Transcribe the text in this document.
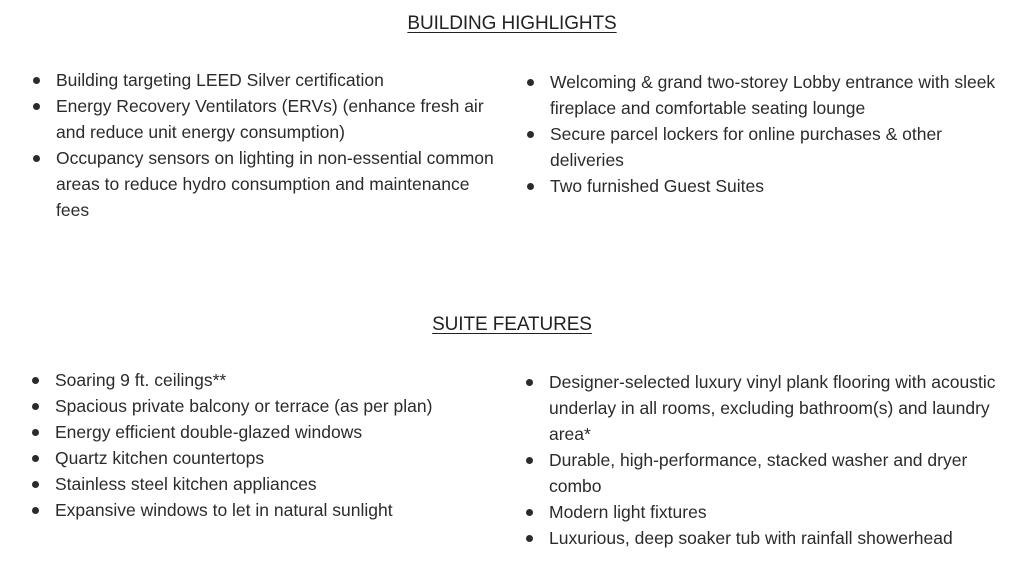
BUILDING HIGHLIGHTS
Building targeting LEED Silver certification
Energy Recovery Ventilators (ERVs) (enhance fresh air and reduce unit energy consumption)
Occupancy sensors on lighting in non-essential common areas to reduce hydro consumption and maintenance fees
Welcoming & grand two-storey Lobby entrance with sleek fireplace and comfortable seating lounge
Secure parcel lockers for online purchases & other deliveries
Two furnished Guest Suites
SUITE FEATURES
Soaring 9 ft. ceilings**
Spacious private balcony or terrace (as per plan)
Energy efficient double-glazed windows
Quartz kitchen countertops
Stainless steel kitchen appliances
Expansive windows to let in natural sunlight
Designer-selected luxury vinyl plank flooring with acoustic underlay in all rooms, excluding bathroom(s) and laundry area*
Durable, high-performance, stacked washer and dryer combo
Modern light fixtures
Luxurious, deep soaker tub with rainfall showerhead
